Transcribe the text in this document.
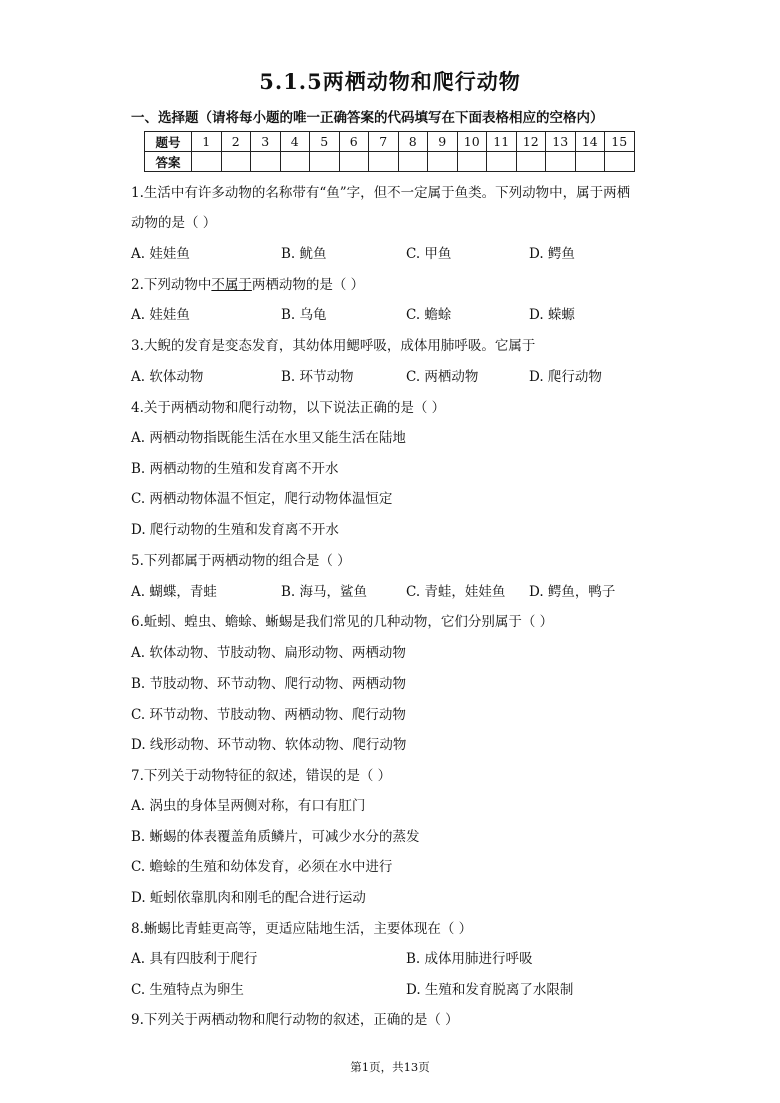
5.1.5两栖动物和爬行动物
一、选择题（请将每小题的唯一正确答案的代码填写在下面表格相应的空格内）
题号	1	2	3	4	5	6	7	8	9	10	11	12	13	14	15
答案															
1.生活中有许多动物的名称带有“鱼”字，但不一定属于鱼类。下列动物中，属于两栖
动物的是（ ）
A. 娃娃鱼	B. 鱿鱼	C. 甲鱼	D. 鳄鱼
2.下列动物中不属于两栖动物的是（ ）
A. 娃娃鱼	B. 乌龟	C. 蟾蜍	D. 蝾螈
3.大鲵的发育是变态发育，其幼体用鳃呼吸，成体用肺呼吸。它属于
A. 软体动物	B. 环节动物	C. 两栖动物	D. 爬行动物
4.关于两栖动物和爬行动物，以下说法正确的是（ ）
A. 两栖动物指既能生活在水里又能生活在陆地
B. 两栖动物的生殖和发育离不开水
C. 两栖动物体温不恒定，爬行动物体温恒定
D. 爬行动物的生殖和发育离不开水
5.下列都属于两栖动物的组合是（ ）
A. 蝴蝶，青蛙	B. 海马，鲨鱼	C. 青蛙，娃娃鱼 D. 鳄鱼，鸭子
6.蚯蚓、蝗虫、蟾蜍、蜥蜴是我们常见的几种动物，它们分别属于（ ）
A. 软体动物、节肢动物、扁形动物、两栖动物
B. 节肢动物、环节动物、爬行动物、两栖动物
C. 环节动物、节肢动物、两栖动物、爬行动物
D. 线形动物、环节动物、软体动物、爬行动物
7.下列关于动物特征的叙述，错误的是（ ）
A. 涡虫的身体呈两侧对称，有口有肛门
B. 蜥蜴的体表覆盖角质鳞片，可减少水分的蒸发
C. 蟾蜍的生殖和幼体发育，必须在水中进行
D. 蚯蚓依靠肌肉和刚毛的配合进行运动
8.蜥蜴比青蛙更高等，更适应陆地生活，主要体现在（ ）
A. 具有四肢利于爬行	B. 成体用肺进行呼吸
C. 生殖特点为卵生	D. 生殖和发育脱离了水限制
9.下列关于两栖动物和爬行动物的叙述，正确的是（ ）
第1页，共13页
